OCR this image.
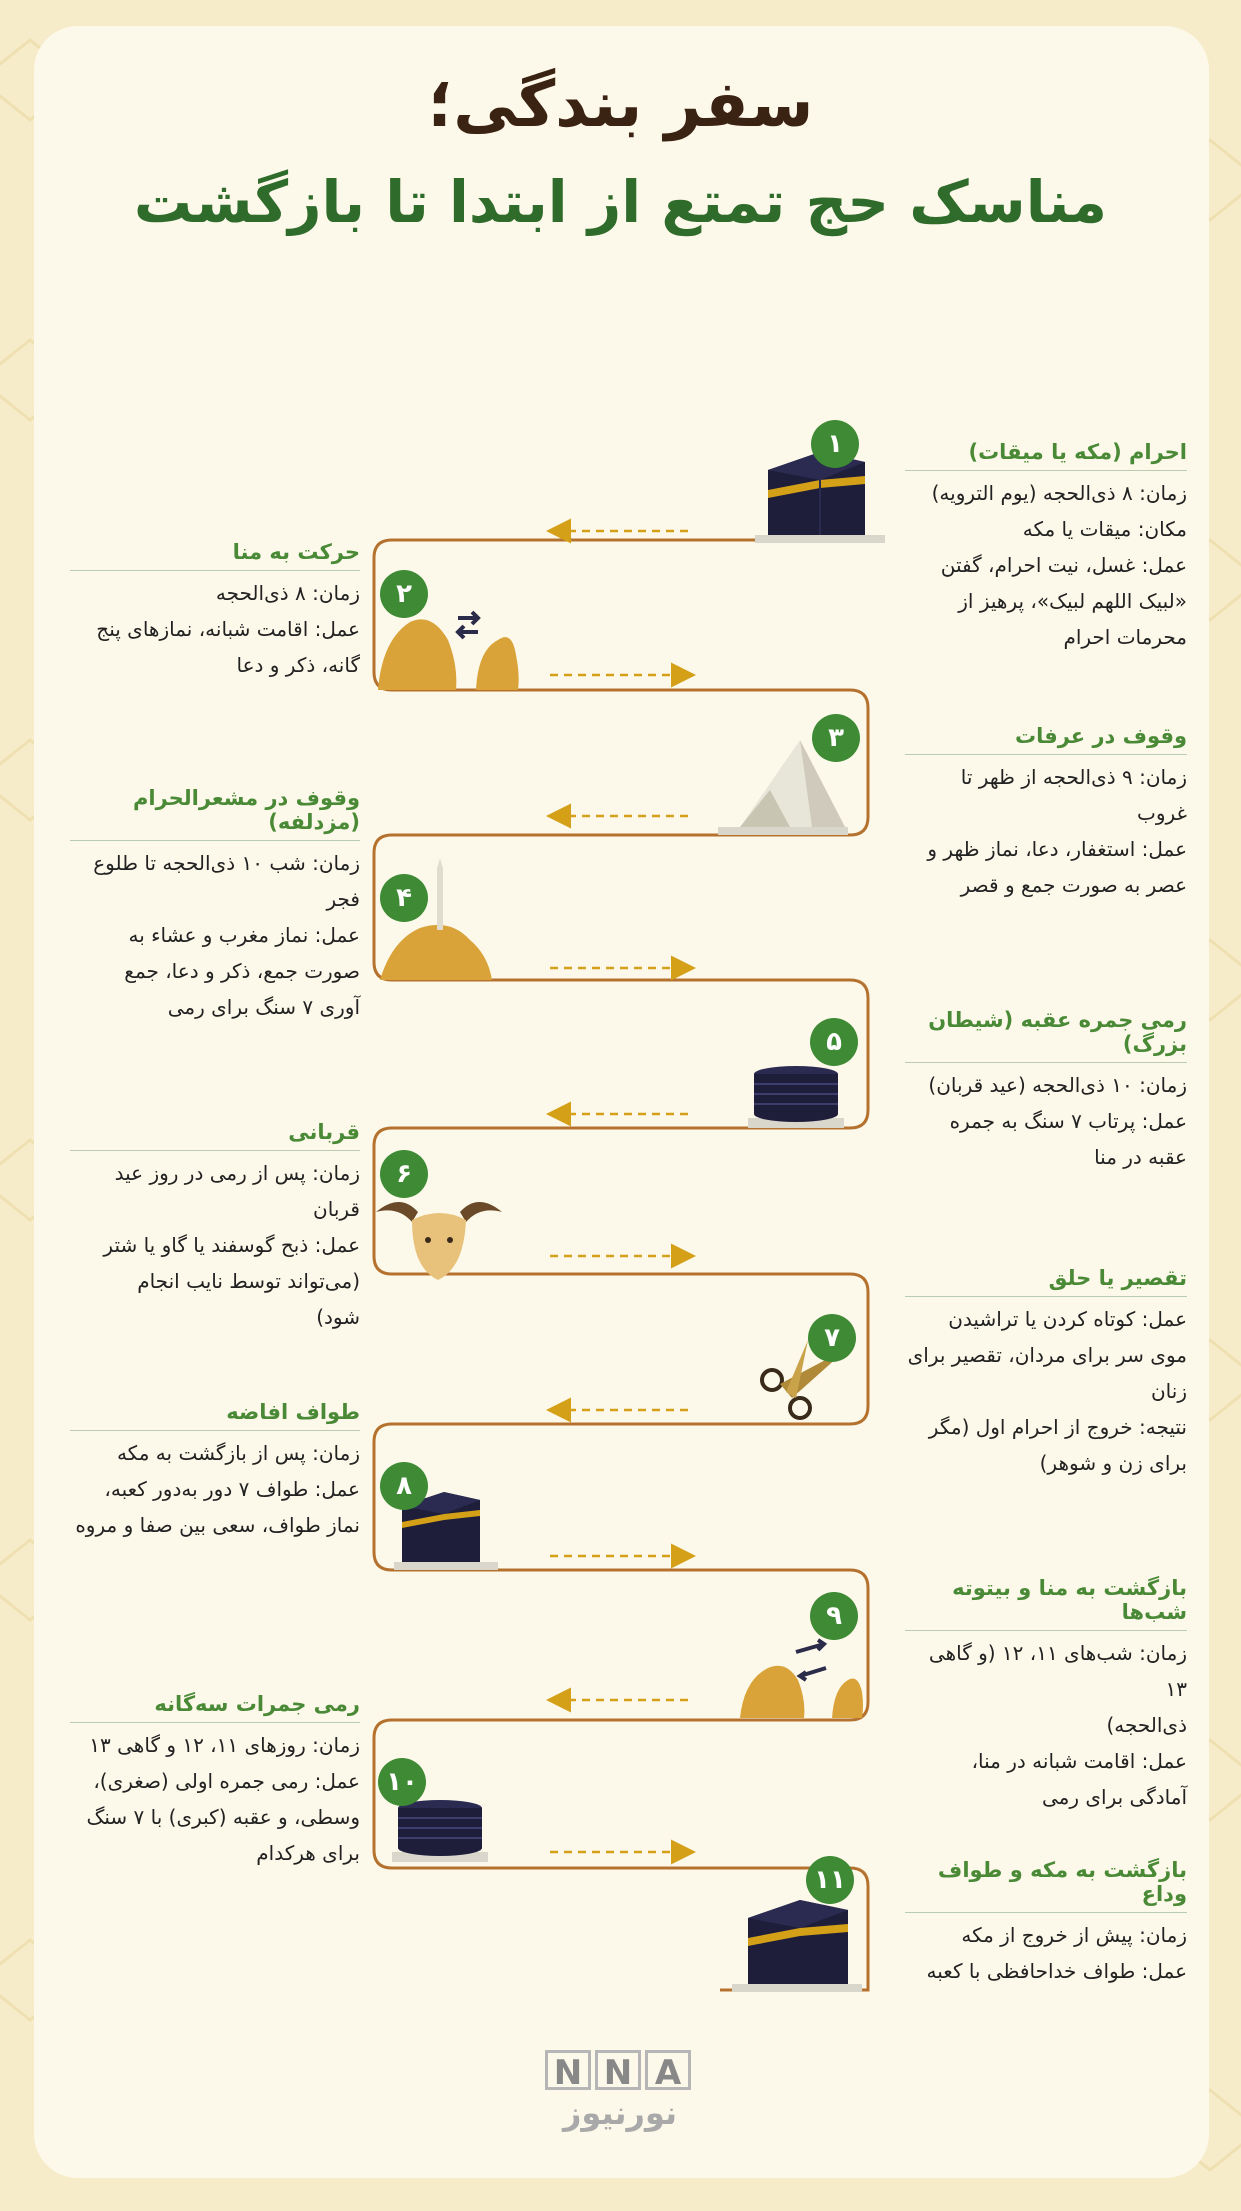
سفر بندگی؛
مناسک حج تمتع از ابتدا تا بازگشت
۱
۲
۳
۴
۵
۶
۷
۸
۹
۱۰
۱۱
احرام (مکه یا میقات)
زمان: ۸ ذی‌الحجه (یوم الترویه)
مکان: میقات یا مکه
عمل: غسل، نیت احرام، گفتن
«لبیک اللهم لبیک»، پرهیز از
محرمات احرام
حرکت به منا
زمان: ۸ ذی‌الحجه
عمل: اقامت شبانه، نمازهای پنج
گانه، ذکر و دعا
وقوف در عرفات
زمان: ۹ ذی‌الحجه از ظهر تا
غروب
عمل: استغفار، دعا، نماز ظهر و
عصر به صورت جمع و قصر
وقوف در مشعرالحرام (مزدلفه)
زمان: شب ۱۰ ذی‌الحجه تا طلوع
فجر
عمل: نماز مغرب و عشاء به
صورت جمع، ذکر و دعا، جمع
آوری ۷ سنگ برای رمی
رمی جمره عقبه (شیطان بزرگ)
زمان: ۱۰ ذی‌الحجه (عید قربان)
عمل: پرتاب ۷ سنگ به جمره
عقبه در منا
قربانی
زمان: پس از رمی در روز عید
قربان
عمل: ذبح گوسفند یا گاو یا شتر
(می‌تواند توسط نایب انجام
شود)
تقصیر یا حلق
عمل: کوتاه کردن یا تراشیدن
موی سر برای مردان، تقصیر برای
زنان
نتیجه: خروج از احرام اول (مگر
برای زن و شوهر)
طواف افاضه
زمان: پس از بازگشت به مکه
عمل: طواف ۷ دور به‌دور کعبه،
نماز طواف، سعی بین صفا و مروه
بازگشت به منا و بیتوته شب‌ها
زمان: شب‌های ۱۱، ۱۲ (و گاهی ۱۳
ذی‌الحجه)
عمل: اقامت شبانه در منا،
آمادگی برای رمی
رمی جمرات سه‌گانه
زمان: روزهای ۱۱، ۱۲ و گاهی ۱۳
عمل: رمی جمره اولی (صغری)،
وسطی، و عقبه (کبری) با ۷ سنگ
برای هرکدام
بازگشت به مکه و طواف وداع
زمان: پیش از خروج از مکه
عمل: طواف خداحافظی با کعبه
N N A
نورنیوز
